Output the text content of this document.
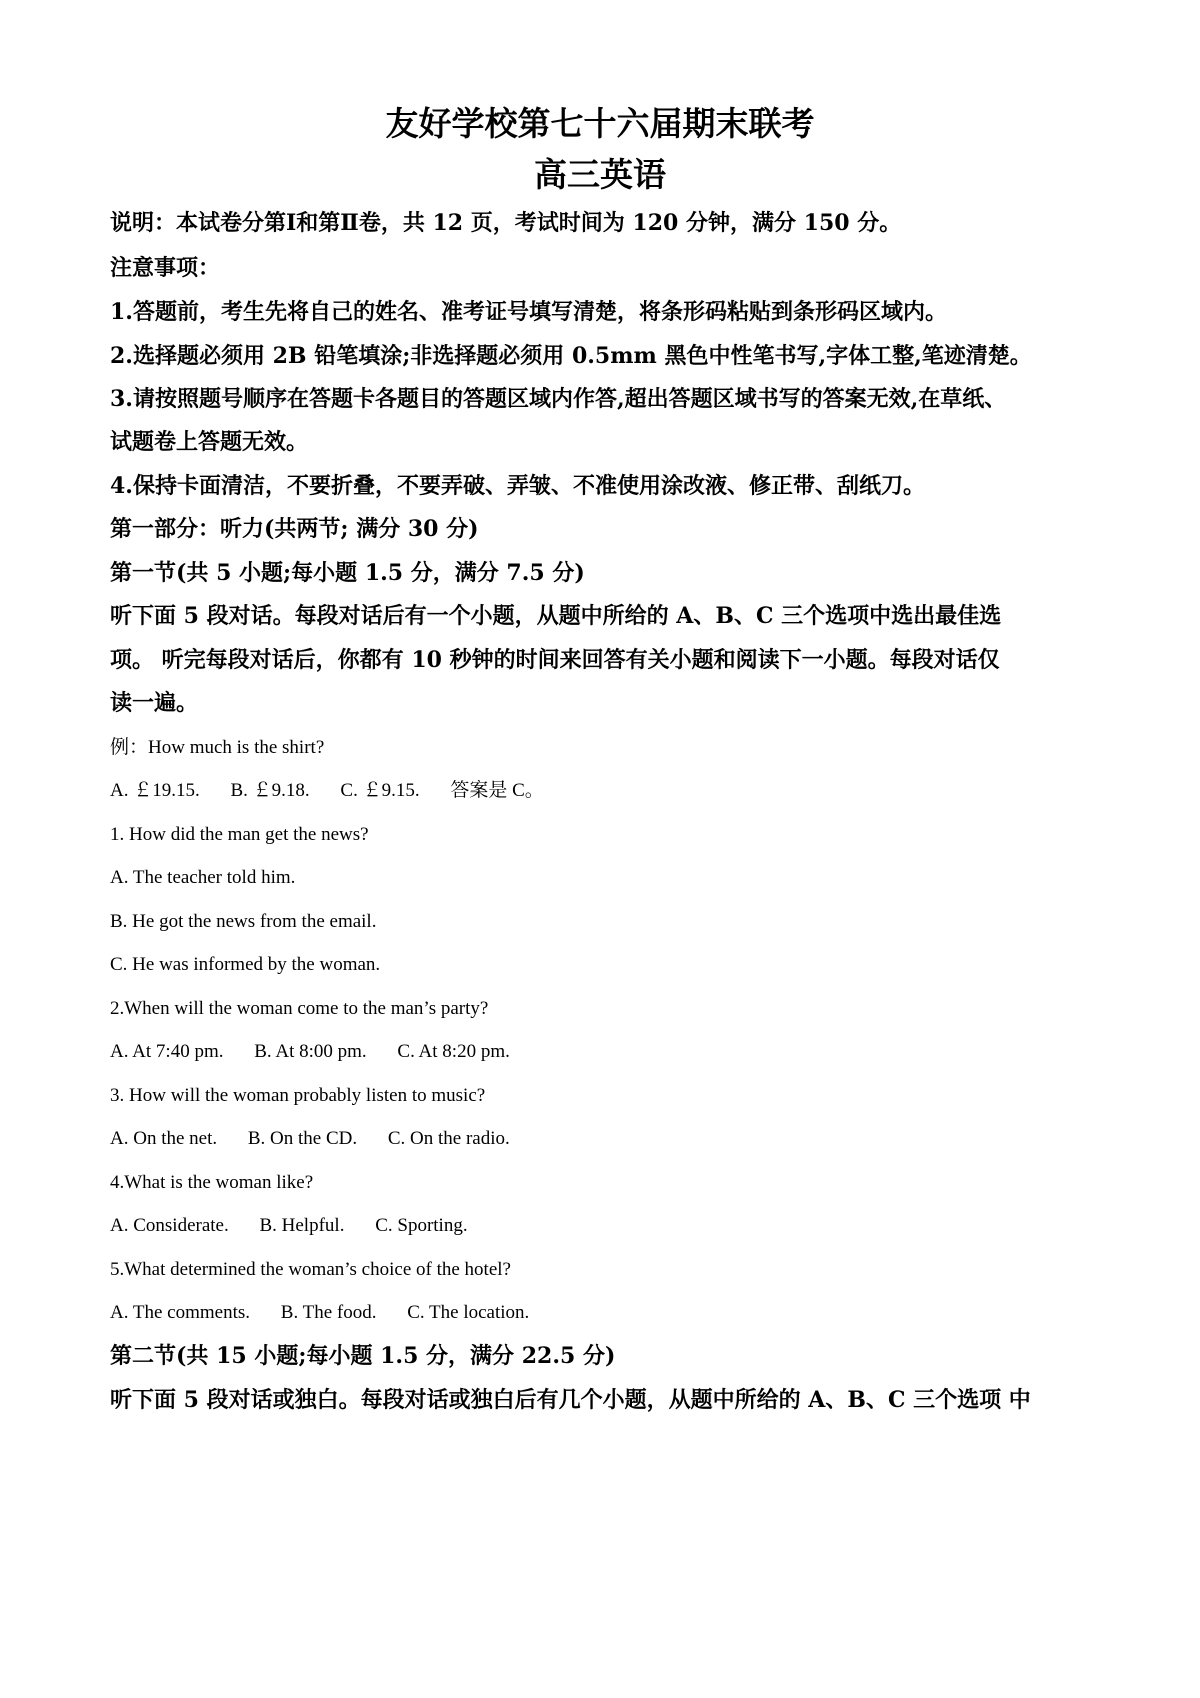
友好学校第七十六届期末联考
高三英语
说明：本试卷分第Ⅰ和第Ⅱ卷，共 12 页，考试时间为 120 分钟，满分 150 分。
注意事项：
1.答题前，考生先将自己的姓名、准考证号填写清楚，将条形码粘贴到条形码区域内。
2.选择题必须用 2B 铅笔填涂;非选择题必须用 0.5mm 黑色中性笔书写,字体工整,笔迹清楚。
3.请按照题号顺序在答题卡各题目的答题区域内作答,超出答题区域书写的答案无效,在草纸、
试题卷上答题无效。
4.保持卡面清洁，不要折叠，不要弄破、弄皱、不准使用涂改液、修正带、刮纸刀。
第一部分：听力(共两节; 满分 30 分)
第一节(共 5 小题;每小题 1.5 分，满分 7.5 分)
听下面 5 段对话。每段对话后有一个小题，从题中所给的 A、B、C 三个选项中选出最佳选
项。 听完每段对话后，你都有 10 秒钟的时间来回答有关小题和阅读下一小题。每段对话仅
读一遍。
例：How much is the shirt?
A. ￡19.15. B. ￡9.18. C. ￡9.15. 答案是 C。
1. How did the man get the news?
A. The teacher told him.
B. He got the news from the email.
C. He was informed by the woman.
2.When will the woman come to the man’s party?
A. At 7:40 pm. B. At 8:00 pm. C. At 8:20 pm.
3. How will the woman probably listen to music?
A. On the net. B. On the CD. C. On the radio.
4.What is the woman like?
A. Considerate. B. Helpful. C. Sporting.
5.What determined the woman’s choice of the hotel?
A. The comments. B. The food. C. The location.
第二节(共 15 小题;每小题 1.5 分，满分 22.5 分)
听下面 5 段对话或独白。每段对话或独白后有几个小题，从题中所给的 A、B、C 三个选项 中
